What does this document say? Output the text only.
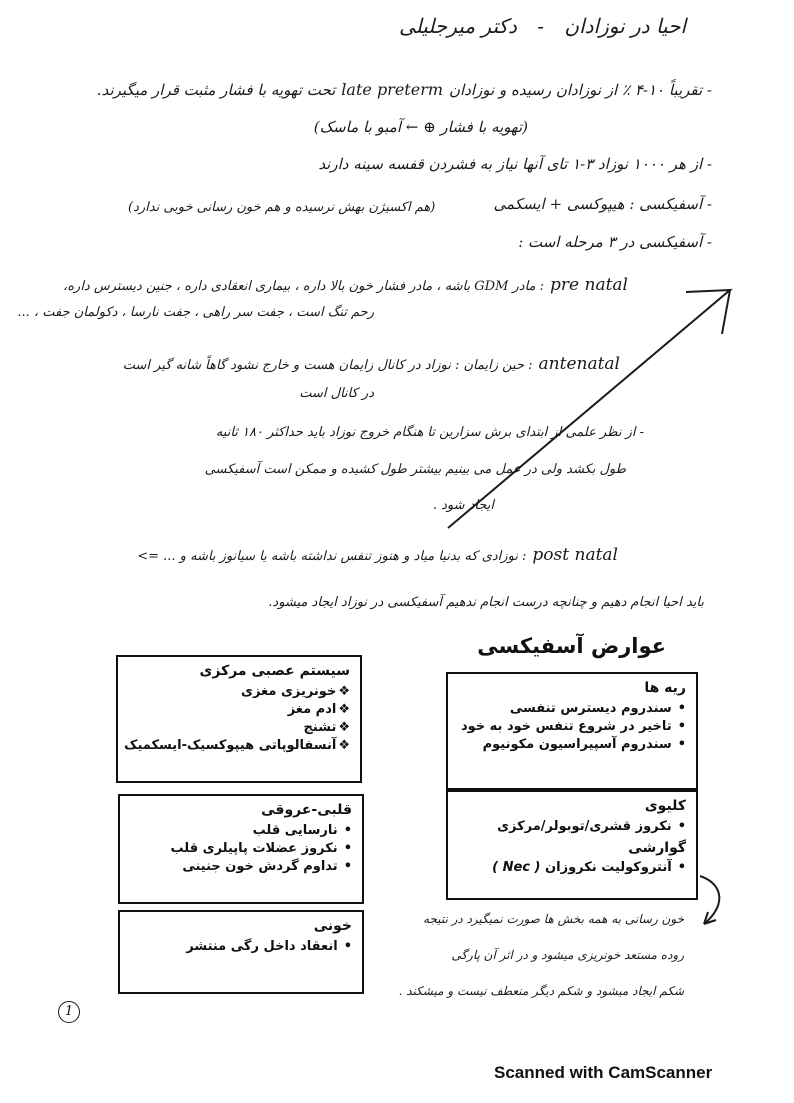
احیا در نوزادان - دکتر میرجلیلی
- تقریباً ۱۰-۴ ٪ از نوزادان رسیده و نوزادانlate pretermتحت تهویه با فشار مثبت قرار میگیرند.
(تهویه با فشار ⊕ ← آمبو با ماسک)
- از هر ۱۰۰۰ نوزاد ۳-۱ تای آنها نیاز به فشردن قفسه سینه دارند
- آسفیکسی : هیپوکسی + ایسکمی
(هم اکسیژن بهش نرسیده و هم خون رسانی خوبی ندارد)
- آسفیکسی در ۳ مرحله است :
pre natal: مادر GDM باشه ، مادر فشار خون بالا داره ، بیماری انعقادی داره ، جنین دیسترس داره،
رحم تنگ است ، جفت سر راهی ، جفت نارسا ، دکولمان جفت ، ...
antenatal: حین زایمان : نوزاد در کانال زایمان هست و خارج نشود گاهاً شانه گیر است
در کانال است
- از نظر علمی از ابتدای برش سزارین تا هنگام خروج نوزاد باید حداکثر ۱۸۰ ثانیه
طول بکشد ولی در عمل می بینیم بیشتر طول کشیده و ممکن است آسفیکسی
ایجاد شود .
post natal: نوزادی که بدنیا میاد و هنوز تنفس نداشته باشه یا سیانوز باشه و ... =>
باید احیا انجام دهیم و چنانچه درست انجام ندهیم آسفیکسی در نوزاد ایجاد میشود.
عوارض آسفیکسی
سیستم عصبی مرکزی
❖ خونریزی مغزی
❖ ادم مغز
❖ تشنج
❖ آنسفالوپاتی هیپوکسیک-ایسکمیک
ریه ها
• سندروم دیسترس تنفسی
• تاخیر در شروع تنفس خود به خود
• سندروم آسپیراسیون مکونیوم
قلبی-عروقی
• نارسایی قلب
• نکروز عضلات پاپیلری قلب
• تداوم گردش خون جنینی
کلیوی
• نکروز قشری/توبولر/مرکزی
گوارشی
• آنتروکولیت نکروزان ( Nec )
خونی
• انعقاد داخل رگی منتشر
خون رسانی به همه بخش ها صورت نمیگیرد در نتیجه
روده مستعد خونریزی میشود و در اثر آن پارگی
شکم ایجاد میشود و شکم دیگر منعطف نیست و میشکند .
1
Scanned with CamScanner
